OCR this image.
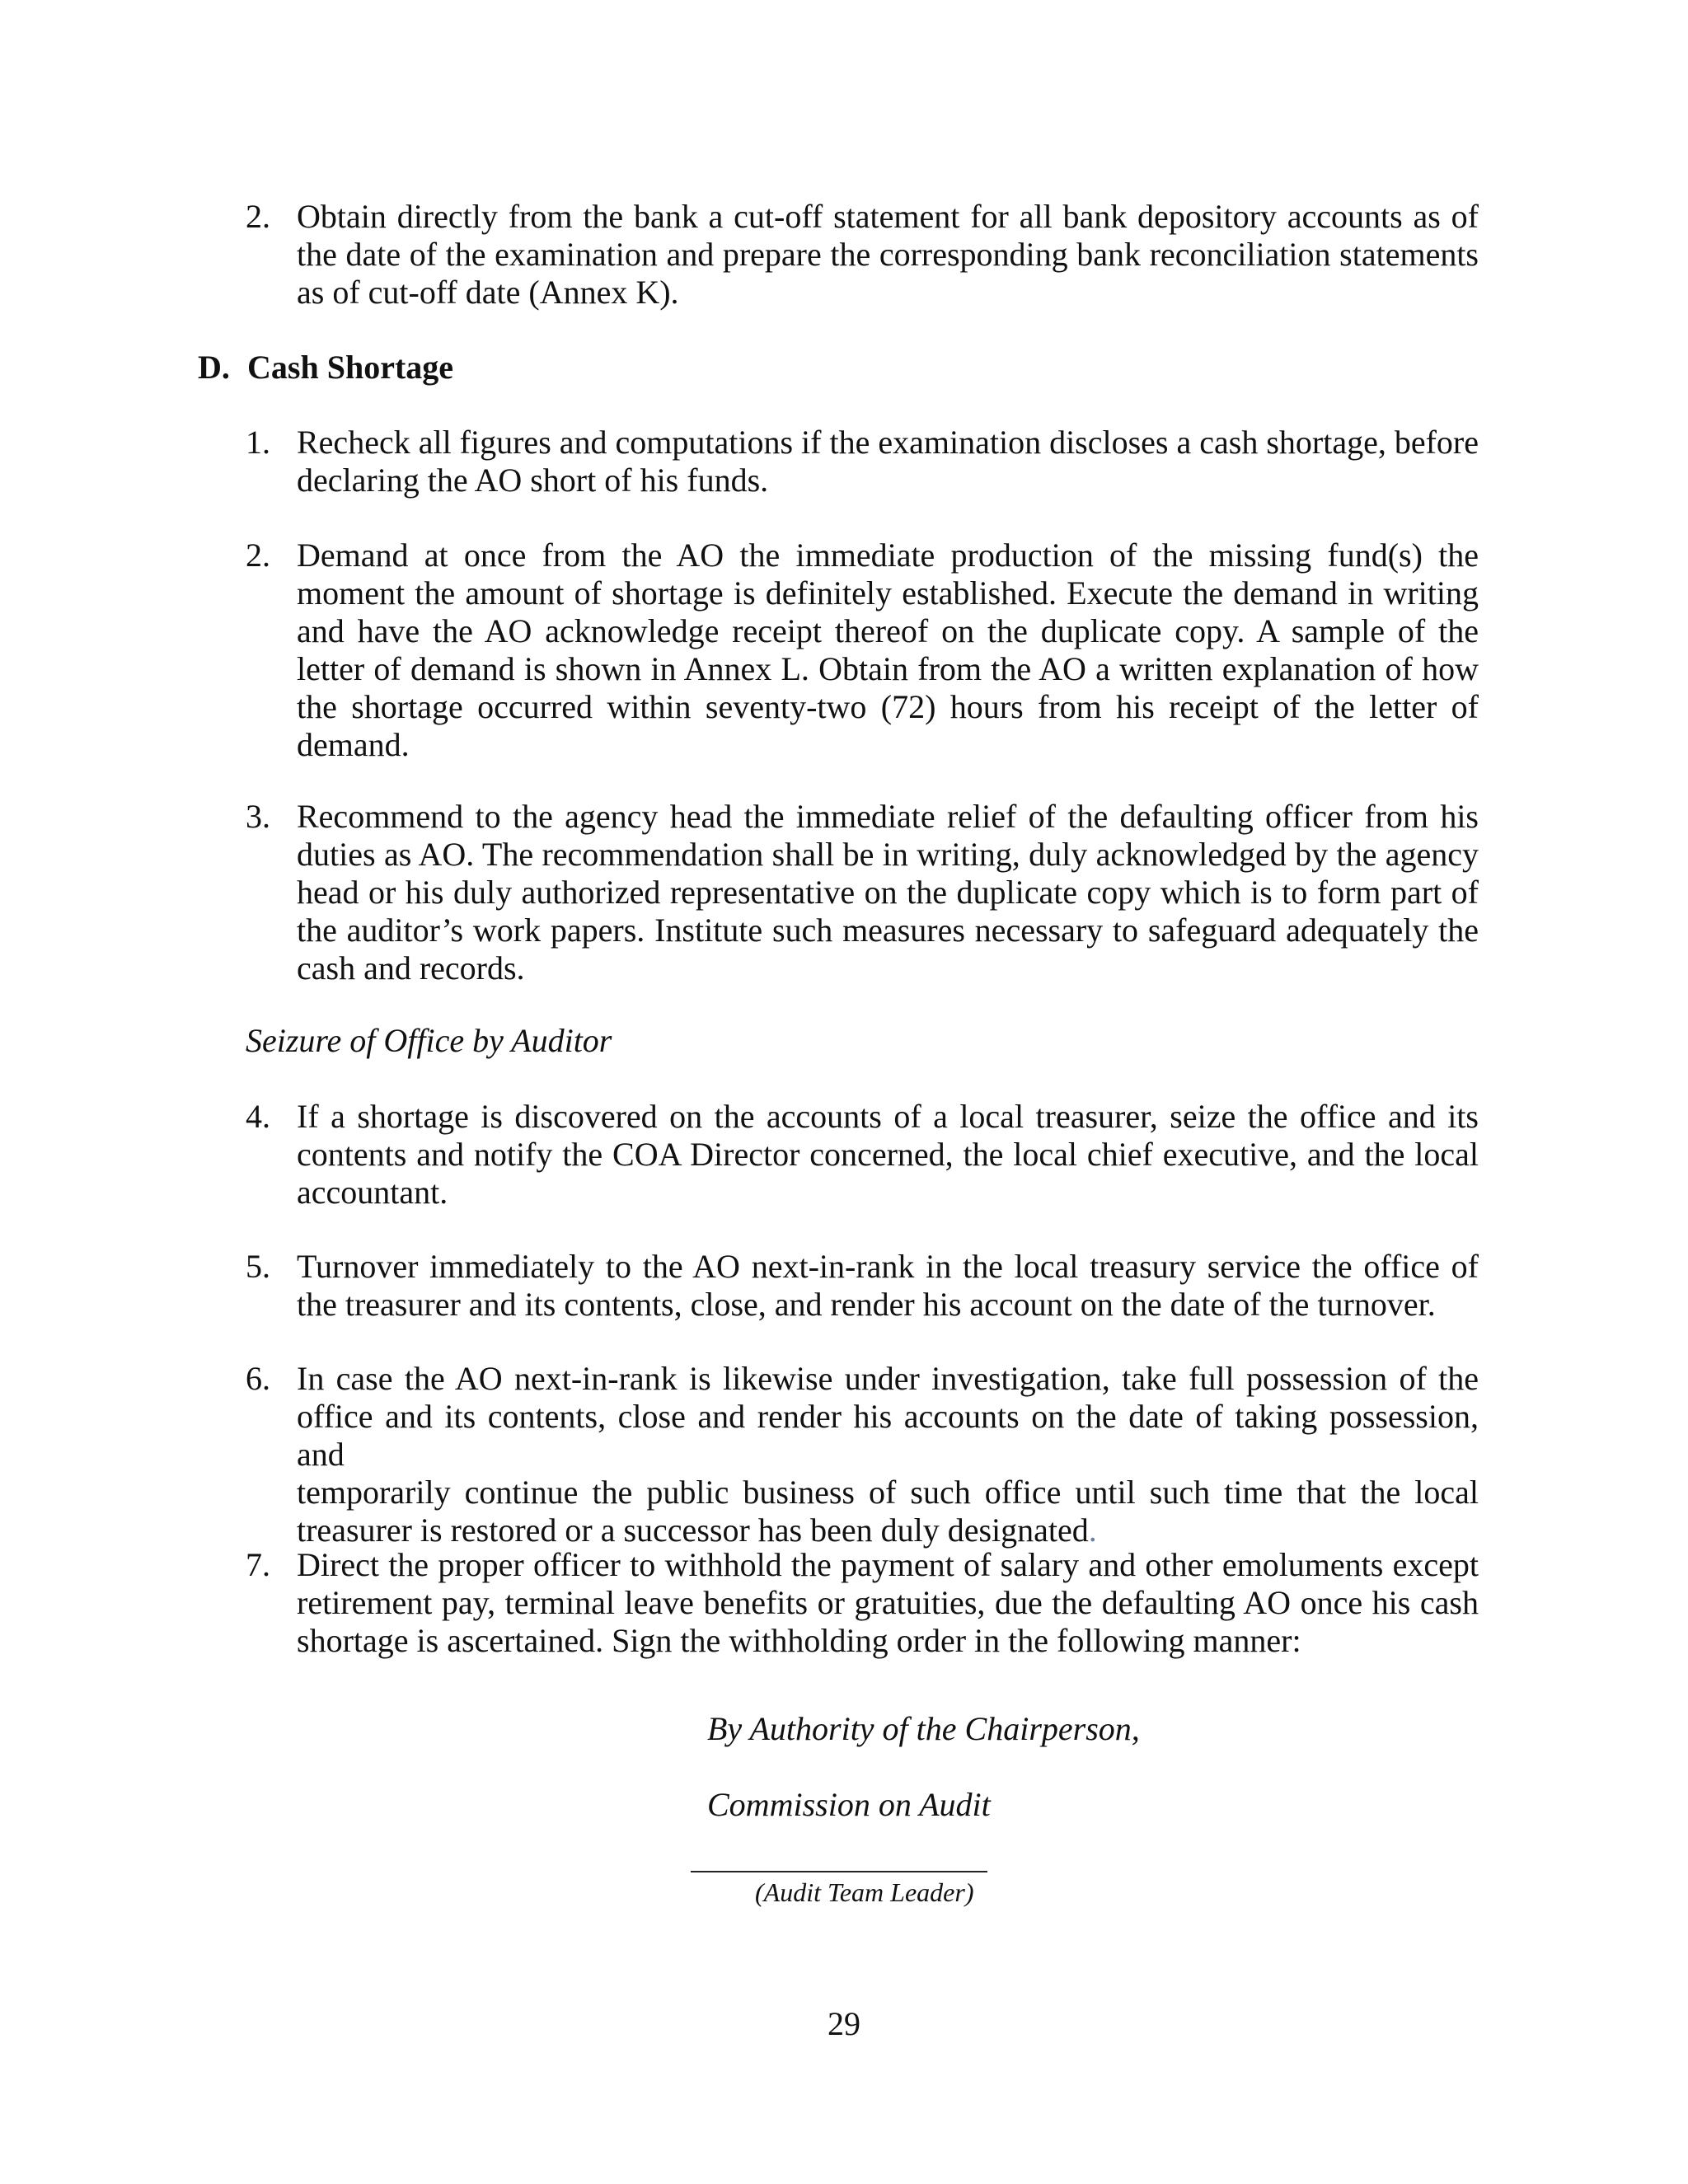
2. Obtain directly from the bank a cut-off statement for all bank depository accounts as of
the date of the examination and prepare the corresponding bank reconciliation statements
as of cut-off date (Annex K).
D. Cash Shortage
1. Recheck all figures and computations if the examination discloses a cash shortage, before
declaring the AO short of his funds.
2. Demand at once from the AO the immediate production of the missing fund(s) the
moment the amount of shortage is definitely established. Execute the demand in writing
and have the AO acknowledge receipt thereof on the duplicate copy. A sample of the
letter of demand is shown in Annex L. Obtain from the AO a written explanation of how
the shortage occurred within seventy-two (72) hours from his receipt of the letter of
demand.
3. Recommend to the agency head the immediate relief of the defaulting officer from his
duties as AO. The recommendation shall be in writing, duly acknowledged by the agency
head or his duly authorized representative on the duplicate copy which is to form part of
the auditor’s work papers. Institute such measures necessary to safeguard adequately the
cash and records.
Seizure of Office by Auditor
4. If a shortage is discovered on the accounts of a local treasurer, seize the office and its
contents and notify the COA Director concerned, the local chief executive, and the local
accountant.
5. Turnover immediately to the AO next-in-rank in the local treasury service the office of
the treasurer and its contents, close, and render his account on the date of the turnover.
6. In case the AO next-in-rank is likewise under investigation, take full possession of the
office and its contents, close and render his accounts on the date of taking possession, and
temporarily continue the public business of such office until such time that the local
treasurer is restored or a successor has been duly designated.
7. Direct the proper officer to withhold the payment of salary and other emoluments except
retirement pay, terminal leave benefits or gratuities, due the defaulting AO once his cash
shortage is ascertained. Sign the withholding order in the following manner:
By Authority of the Chairperson,
Commission on Audit
(Audit Team Leader)
29
